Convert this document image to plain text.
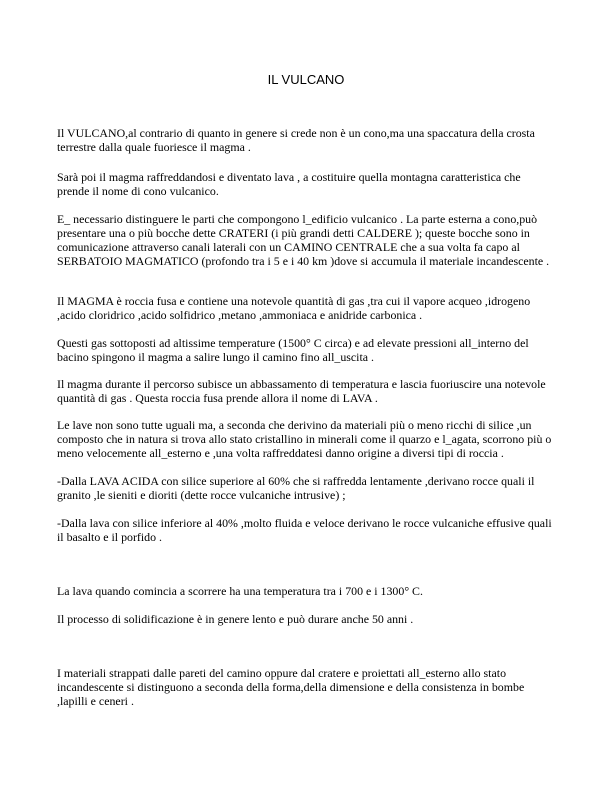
IL VULCANO

Il VULCANO,al contrario di quanto in genere si crede non è un cono,ma una spaccatura della crosta terrestre dalla quale fuoriesce il magma .

Sarà poi il magma raffreddandosi e diventato lava , a costituire quella montagna caratteristica che prende il nome di cono vulcanico.

E_ necessario distinguere le parti che compongono l_edificio vulcanico . La parte esterna a cono,può presentare una o più bocche dette CRATERI (i più grandi detti CALDERE ); queste bocche sono in comunicazione attraverso canali laterali con un CAMINO CENTRALE che a sua volta fa capo al SERBATOIO MAGMATICO (profondo tra i 5 e i 40 km )dove si accumula il materiale incandescente .

Il MAGMA è roccia fusa e contiene una notevole quantità di gas ,tra cui il vapore acqueo ,idrogeno ,acido cloridrico ,acido solfidrico ,metano ,ammoniaca e anidride carbonica .

Questi gas sottoposti ad altissime temperature (1500° C circa) e ad elevate pressioni all_interno del bacino spingono il magma a salire lungo il camino fino all_uscita .

Il magma durante il percorso subisce un abbassamento di temperatura e lascia fuoriuscire una notevole quantità di gas . Questa roccia fusa prende allora il nome di LAVA .

Le lave non sono tutte uguali ma, a seconda che derivino da materiali più o meno ricchi di silice ,un composto che in natura si trova allo stato cristallino in minerali come il quarzo e l_agata, scorrono più o meno velocemente all_esterno e ,una volta raffreddatesi danno origine a diversi tipi di roccia .

-Dalla LAVA ACIDA con silice superiore al 60% che si raffredda lentamente ,derivano rocce quali il granito ,le sieniti e dioriti (dette rocce vulcaniche intrusive) ;

-Dalla lava con silice inferiore al 40% ,molto fluida e veloce derivano le rocce vulcaniche effusive quali il basalto e il porfido .

La lava quando comincia a scorrere ha una temperatura tra i 700 e i 1300° C.

Il processo di solidificazione è in genere lento e può durare anche 50 anni .

I materiali strappati dalle pareti del camino oppure dal cratere e proiettati all_esterno allo stato incandescente si distinguono a seconda della forma,della dimensione e della consistenza in bombe ,lapilli e ceneri .
